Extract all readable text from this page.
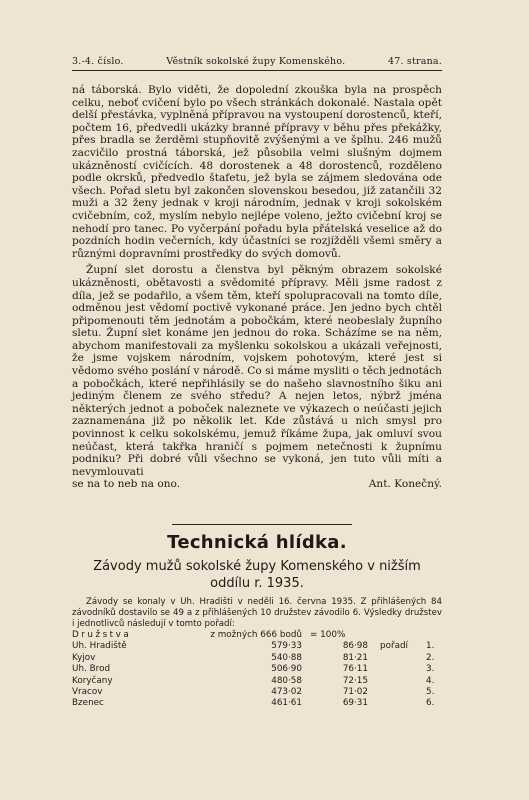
3.-4. číslo.	Věstník sokolské župy Komenského.	47. strana.

ná táborská. Bylo viděti, že dopolední zkouška byla na prospěch celku, neboť cvičení bylo po všech stránkách dokonalé. Nastala opět delší přestávka, vyplněná přípravou na vystoupení dorostenců, kteří, počtem 16, předvedli ukázky branné přípravy v běhu přes překážky, přes bradla se žerděmi stupňovitě zvýšenými a ve šplhu. 246 mužů zacvičilo prostná táborská, jež působila velmi slušným dojmem ukázněností cvičících. 48 dorostenek a 48 dorostenců, rozděleno podle okrsků, předvedlo štafetu, jež byla se zájmem sledována ode všech. Pořad sletu byl zakončen slovenskou besedou, již zatančili 32 muži a 32 ženy jednak v kroji národním, jednak v kroji sokolském cvičebním, což, myslím nebylo nejlépe voleno, ježto cvičební kroj se nehodí pro tanec. Po vyčerpání pořadu byla přátelská veselice až do pozdních hodin večerních, kdy účastníci se rozjížděli všemi směry a různými dopravními prostředky do svých domovů.

Župní slet dorostu a členstva byl pěkným obrazem sokolské ukázněnosti, obětavosti a svědomité přípravy. Měli jsme radost z díla, jež se podařilo, a všem těm, kteří spolupracovali na tomto díle, odměnou jest vědomí poctivě vykonané práce. Jen jedno bych chtěl připomenouti těm jednotám a pobočkám, které neobeslaly župního sletu. Župní slet konáme jen jednou do roka. Scházíme se na něm, abychom manifestovali za myšlenku sokolskou a ukázali veřejnosti, že jsme vojskem národním, vojskem pohotovým, které jest si vědomo svého poslání v národě. Co si máme mysliti o těch jednotách a pobočkách, které nepřihlásily se do našeho slavnostního šiku ani jediným členem ze svého středu? A nejen letos, nýbrž jména některých jednot a poboček naleznete ve výkazech o neúčasti jejich zaznamenána již po několik let. Kde zůstává u nich smysl pro povinnost k celku sokolskému, jemuž říkáme župa, jak omluví svou neúčast, která takřka hraničí s pojmem netečnosti k župnímu podniku? Při dobré vůli všechno se vykoná, jen tuto vůli míti a nevymlouvati

se na to neb na ono.	Ant. Konečný.
Technická hlídka.
Závody mužů sokolské župy Komenského v nižším
oddílu r. 1935.

Závody se konaly v Uh. Hradišti v neděli 16. června 1935. Z přihlášených 84 závodníků dostavilo se 49 a z přihlášených 10 družstev závodilo 6. Výsledky družstev i jednotlivců následují v tomto pořadí:

Družstva	z možných 666 bodů = 100%
Uh. Hradiště	579·33	86·98 pořadí 1.
Kyjov	540·88	81·21	2.
Uh. Brod	506·90	76·11	3.
Koryčany	480·58	72·15	4.
Vracov	473·02	71·02	5.
Bzenec	461·61	69·31	6.
